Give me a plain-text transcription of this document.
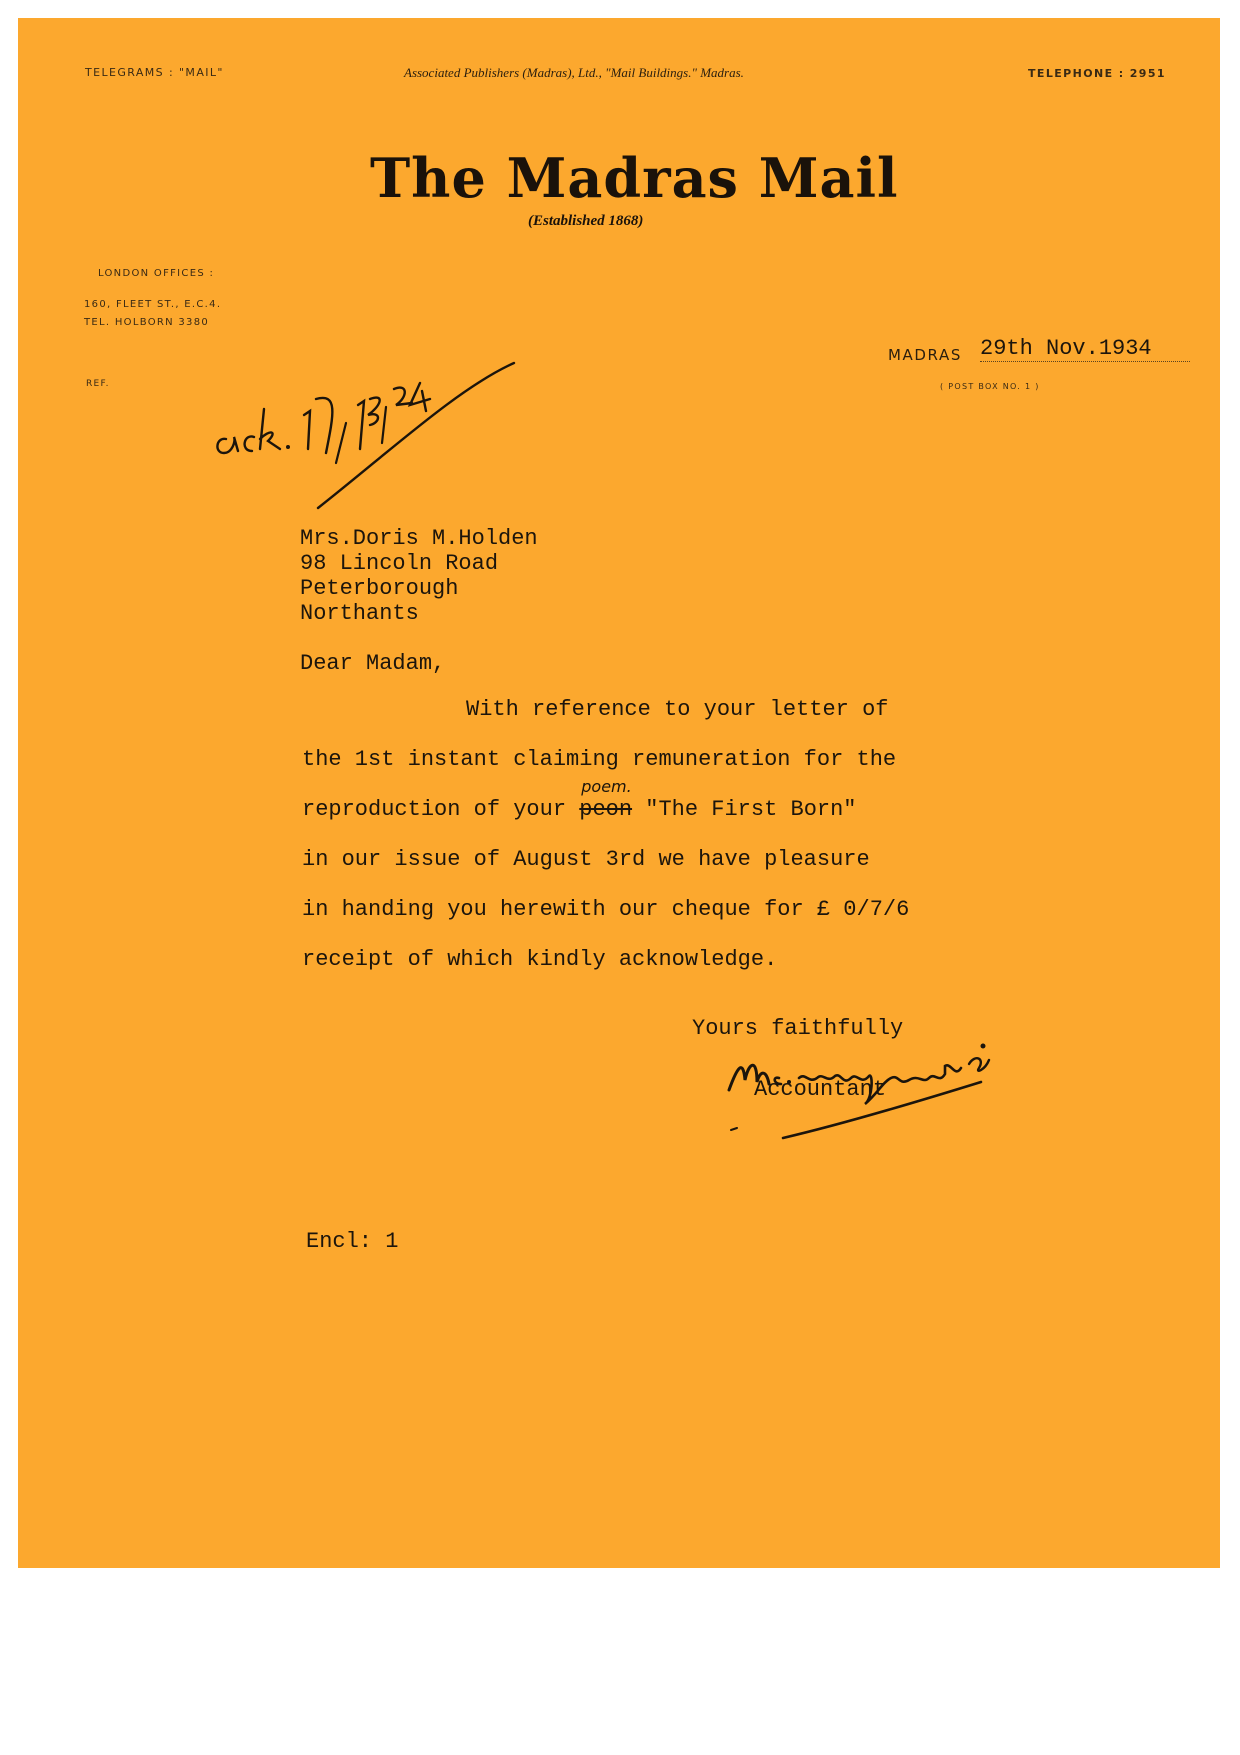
TELEGRAMS : "MAIL"	Associated Publishers (Madras), Ltd., "Mail Buildings." Madras.	TELEPHONE : 2951
The Madras Mail
(Established 1868)
LONDON OFFICES :
160, FLEET ST., E.C.4.
TEL. HOLBORN 3380
REF.
MADRAS 29th Nov.1934
( POST BOX NO. 1 )
Mrs.Doris M.Holden
98 Lincoln Road
Peterborough
Northants
Dear Madam,
With reference to your letter of
the 1st instant claiming remuneration for the
reproduction of your peon
poem.
"The First Born"
in our issue of August 3rd we have pleasure
in handing you herewith our cheque for £ 0/7/6
receipt of which kindly acknowledge.
Yours faithfully
Accountant
Encl: 1
